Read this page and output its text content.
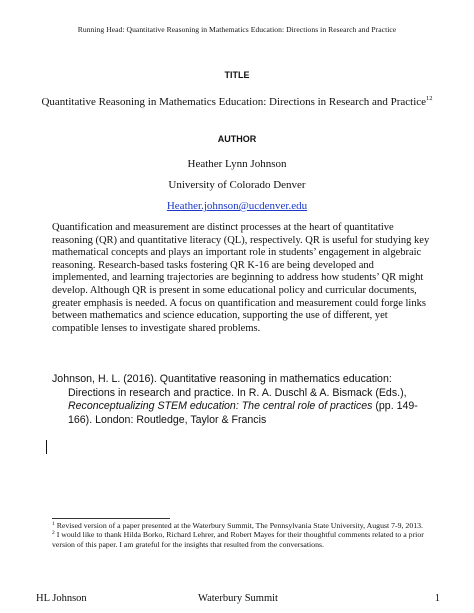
Running Head: Quantitative Reasoning in Mathematics Education: Directions in Research and Practice
TITLE
Quantitative Reasoning in Mathematics Education: Directions in Research and Practice$^{12}$
AUTHOR
Heather Lynn Johnson
University of Colorado Denver
Heather.johnson@ucdenver.edu
Quantification and measurement are distinct processes at the heart of quantitative reasoning (QR) and quantitative literacy (QL), respectively. QR is useful for studying key mathematical concepts and plays an important role in students’ engagement in algebraic reasoning. Research-based tasks fostering QR K-16 are being developed and implemented, and learning trajectories are beginning to address how students’ QR might develop. Although QR is present in some educational policy and curricular documents, greater emphasis is needed. A focus on quantification and measurement could forge links between mathematics and science education, supporting the use of different, yet compatible lenses to investigate shared problems.
Johnson, H. L. (2016). Quantitative reasoning in mathematics education: Directions in research and practice. In R. A. Duschl & A. Bismack (Eds.), Reconceptualizing STEM education: The central role of practices (pp. 149-166). London: Routledge, Taylor & Francis
$^1$ Revised version of a paper presented at the Waterbury Summit, The Pennsylvania State University, August 7-9, 2013.
$^2$ I would like to thank Hilda Borko, Richard Lehrer, and Robert Mayes for their thoughtful comments related to a prior version of this paper. I am grateful for the insights that resulted from the conversations.
HL Johnson	Waterbury Summit	1
